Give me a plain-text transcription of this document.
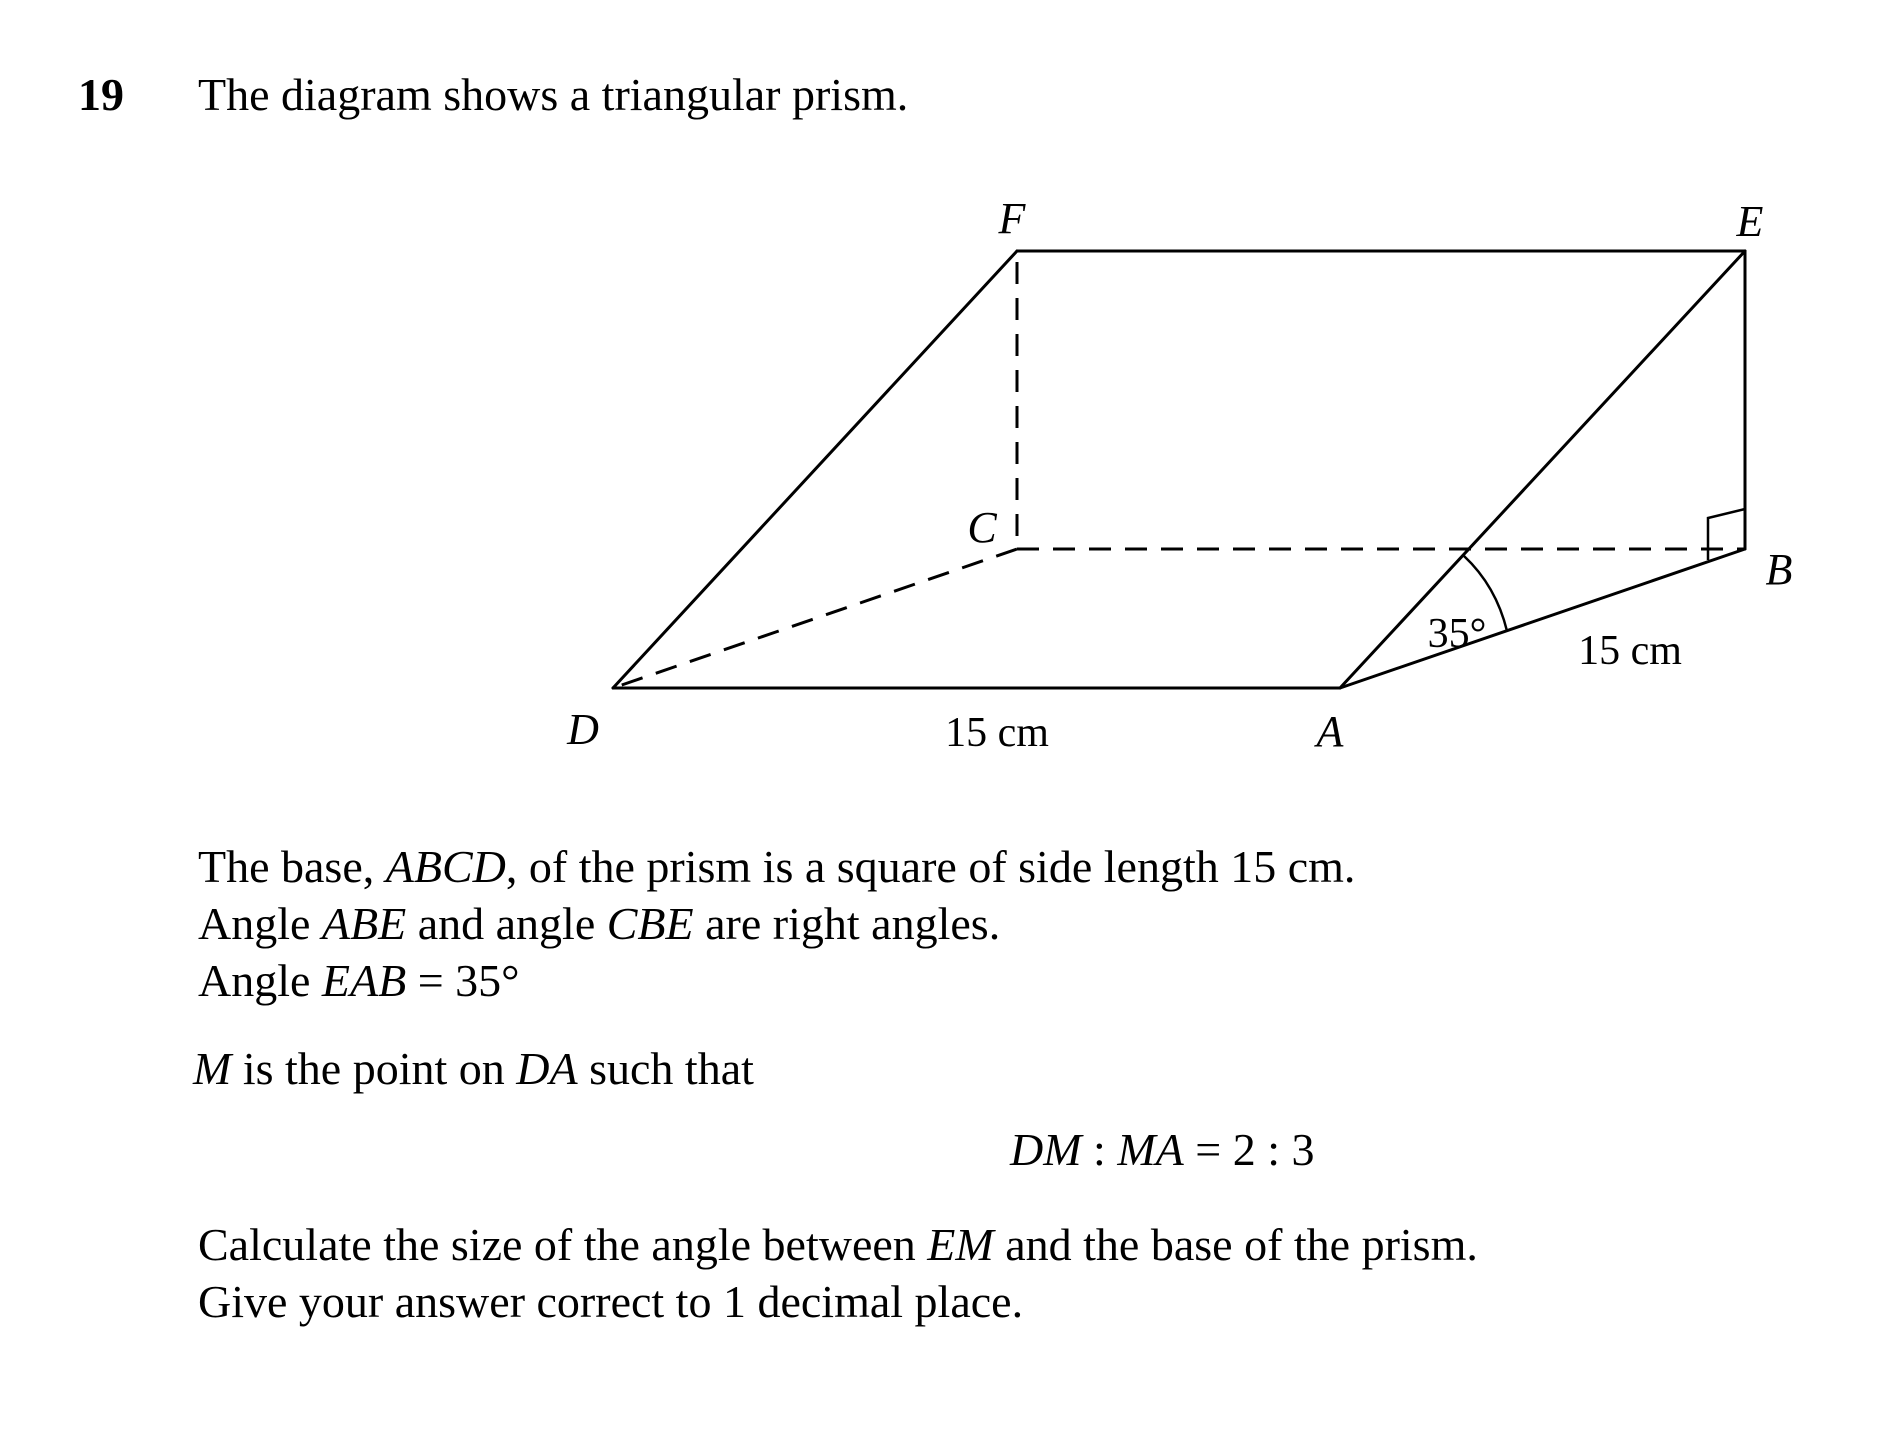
19 The diagram shows a triangular prism.
F	E
C
B
D	A
35°
15 cm
15 cm

The base, ABCD, of the prism is a square of side length 15 cm.

Angle ABE and angle CBE are right angles.

Angle EAB = 35°

M is the point on DA such that

DM : MA = 2 : 3

Calculate the size of the angle between EM and the base of the prism.

Give your answer correct to 1 decimal place.
